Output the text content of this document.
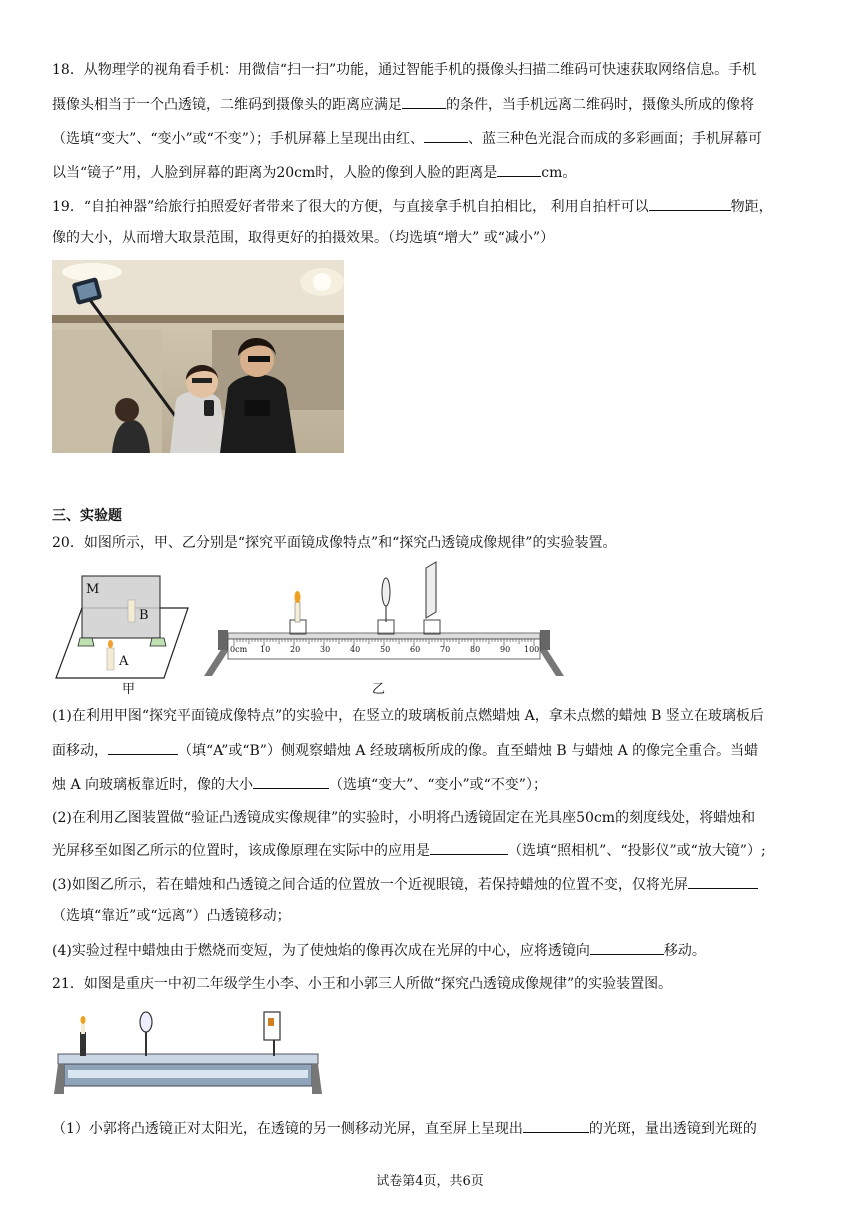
18．从物理学的视角看手机：用微信“扫一扫”功能，通过智能手机的摄像头扫描二维码可快速获取网络信息。手机
摄像头相当于一个凸透镜，二维码到摄像头的距离应满足	的条件，当手机远离二维码时，摄像头所成的像将
（选填“变大”、“变小”或“不变”）；手机屏幕上呈现出由红、	、蓝三种色光混合而成的多彩画面；手机屏幕可
以当“镜子”用，人脸到屏幕的距离为20cm时，人脸的像到人脸的距离是	cm。
19．“自拍神器”给旅行拍照爱好者带来了很大的方便，与直接拿手机自拍相比， 利用自拍杆可以	物距，
像的大小，从而增大取景范围，取得更好的拍摄效果。（均选填“增大” 或“减小”）
三、实验题
20．如图所示，甲、乙分别是“探究平面镜成像特点”和“探究凸透镜成像规律”的实验装置。
M
B
A
甲
0cm 10 20 30 40 50 60 70 80 90 100
乙
(1)在利用甲图“探究平面镜成像特点”的实验中，在竖立的玻璃板前点燃蜡烛 A，拿未点燃的蜡烛 B 竖立在玻璃板后
面移动，	（填“A”或“B”）侧观察蜡烛 A 经玻璃板所成的像。直至蜡烛 B 与蜡烛 A 的像完全重合。当蜡
烛 A 向玻璃板靠近时，像的大小	（选填“变大”、“变小”或“不变”）；
(2)在利用乙图装置做“验证凸透镜成实像规律”的实验时，小明将凸透镜固定在光具座50cm的刻度线处，将蜡烛和
光屏移至如图乙所示的位置时，该成像原理在实际中的应用是	（选填“照相机”、“投影仪”或“放大镜”）;
(3)如图乙所示，若在蜡烛和凸透镜之间合适的位置放一个近视眼镜，若保持蜡烛的位置不变，仅将光屏
（选填“靠近”或“远离”）凸透镜移动；
(4)实验过程中蜡烛由于燃烧而变短，为了使烛焰的像再次成在光屏的中心，应将透镜向	移动。
21．如图是重庆一中初二年级学生小李、小王和小郭三人所做“探究凸透镜成像规律”的实验装置图。
（1）小郭将凸透镜正对太阳光，在透镜的另一侧移动光屏，直至屏上呈现出	的光斑，量出透镜到光斑的
试卷第4页，共6页
